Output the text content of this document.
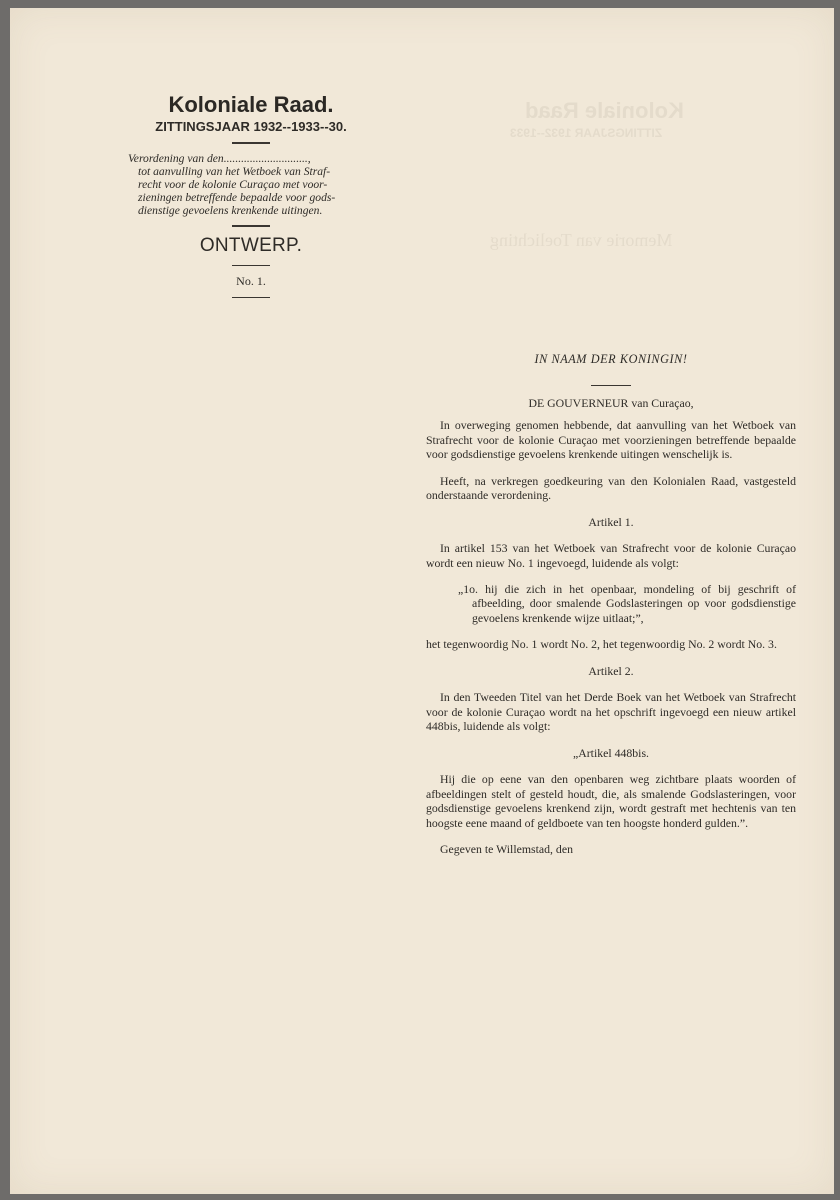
Koloniale Raad
ZITTINGSJAAR 1932--1933
Memorie van Toelichting
Koloniale Raad.
ZITTINGSJAAR 1932--1933--30.
Verordening van den.............................,
tot aanvulling van het Wetboek van Straf-
recht voor de kolonie Curaçao met voor-
zieningen betreffende bepaalde voor gods-
dienstige gevoelens krenkende uitingen.
ONTWERP.
No. 1.
IN NAAM DER KONINGIN!
DE GOUVERNEUR van Curaçao,

In overweging genomen hebbende, dat aanvulling van het Wetboek van Strafrecht voor de kolonie Curaçao met voorzieningen betreffende bepaalde voor godsdienstige gevoelens krenkende uitingen wenschelijk is.

Heeft, na verkregen goedkeuring van den Kolonialen Raad, vastgesteld onderstaande verordening.

Artikel 1.

In artikel 153 van het Wetboek van Strafrecht voor de kolonie Curaçao wordt een nieuw No. 1 ingevoegd, luidende als volgt:

„1o. hij die zich in het openbaar, mondeling of bij geschrift of afbeelding, door smalende Godslasteringen op voor godsdienstige gevoelens krenkende wijze uitlaat;”,

het tegenwoordig No. 1 wordt No. 2, het tegenwoordig No. 2 wordt No. 3.

Artikel 2.

In den Tweeden Titel van het Derde Boek van het Wetboek van Strafrecht voor de kolonie Curaçao wordt na het opschrift ingevoegd een nieuw artikel 448bis, luidende als volgt:

„Artikel 448bis.

Hij die op eene van den openbaren weg zichtbare plaats woorden of afbeeldingen stelt of gesteld houdt, die, als smalende Godslasteringen, voor godsdienstige gevoelens krenkend zijn, wordt gestraft met hechtenis van ten hoogste eene maand of geldboete van ten hoogste honderd gulden.”.

Gegeven te Willemstad, den
